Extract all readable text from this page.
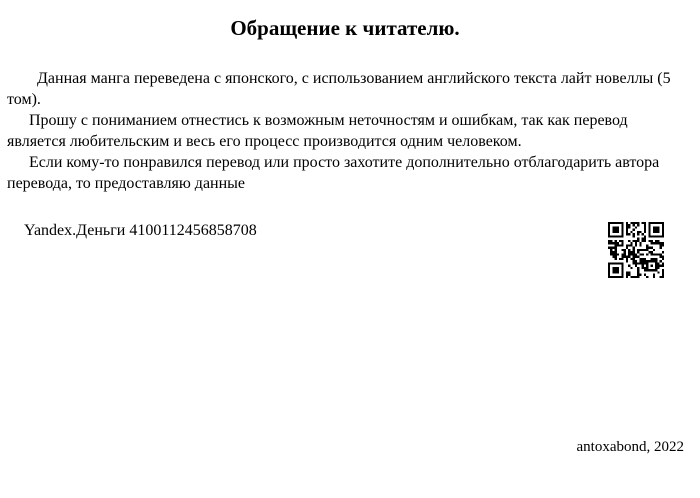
Обращение к читателю.

Данная манга переведена с японского, с использованием английского текста лайт новеллы (5 том).

Прошу с пониманием отнестись к возможным неточностям и ошибкам, так как перевод является любительским и весь его процесс производится одним человеком.

Если кому-то понравился перевод или просто захотите дополнительно отблагодарить автора перевода, то предоставляю данные

Yandex.Деньги 4100112456858708

antoxabond, 2022
